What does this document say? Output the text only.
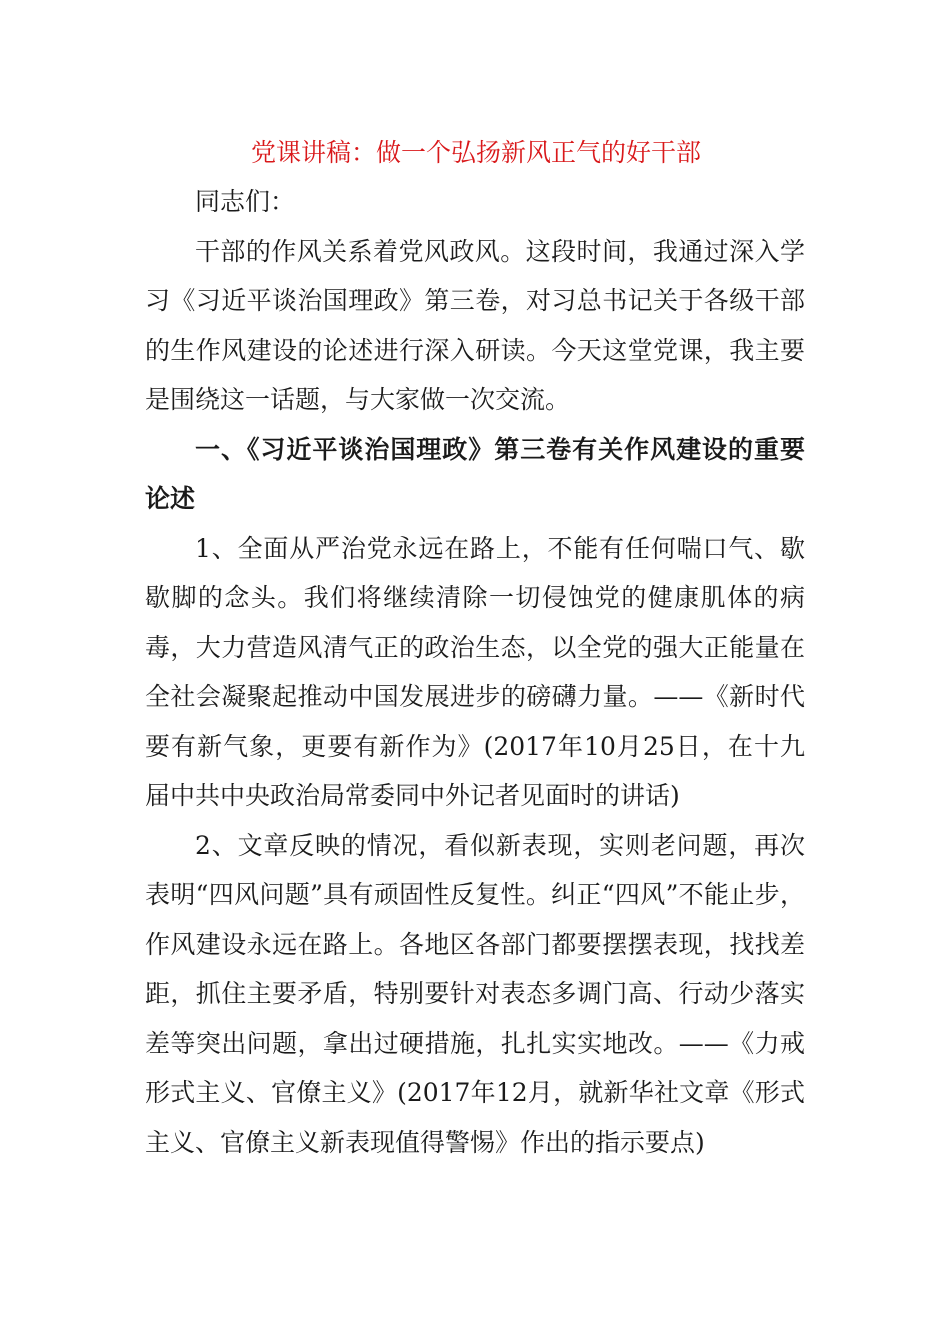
党课讲稿：做一个弘扬新风正气的好干部

同志们：

干部的作风关系着党风政风。这段时间，我通过深入学习《习近平谈治国理政》第三卷，对习总书记关于各级干部的生作风建设的论述进行深入研读。今天这堂党课，我主要是围绕这一话题，与大家做一次交流。

一、《习近平谈治国理政》第三卷有关作风建设的重要论述

1、全面从严治党永远在路上，不能有任何喘口气、歇歇脚的念头。我们将继续清除一切侵蚀党的健康肌体的病毒，大力营造风清气正的政治生态，以全党的强大正能量在全社会凝聚起推动中国发展进步的磅礴力量。——《新时代要有新气象，更要有新作为》(2017年10月25日，在十九届中共中央政治局常委同中外记者见面时的讲话)

2、文章反映的情况，看似新表现，实则老问题，再次表明“四风问题”具有顽固性反复性。纠正“四风”不能止步，作风建设永远在路上。各地区各部门都要摆摆表现，找找差距，抓住主要矛盾，特别要针对表态多调门高、行动少落实差等突出问题，拿出过硬措施，扎扎实实地改。——《力戒形式主义、官僚主义》(2017年12月，就新华社文章《形式主义、官僚主义新表现值得警惕》作出的指示要点)
